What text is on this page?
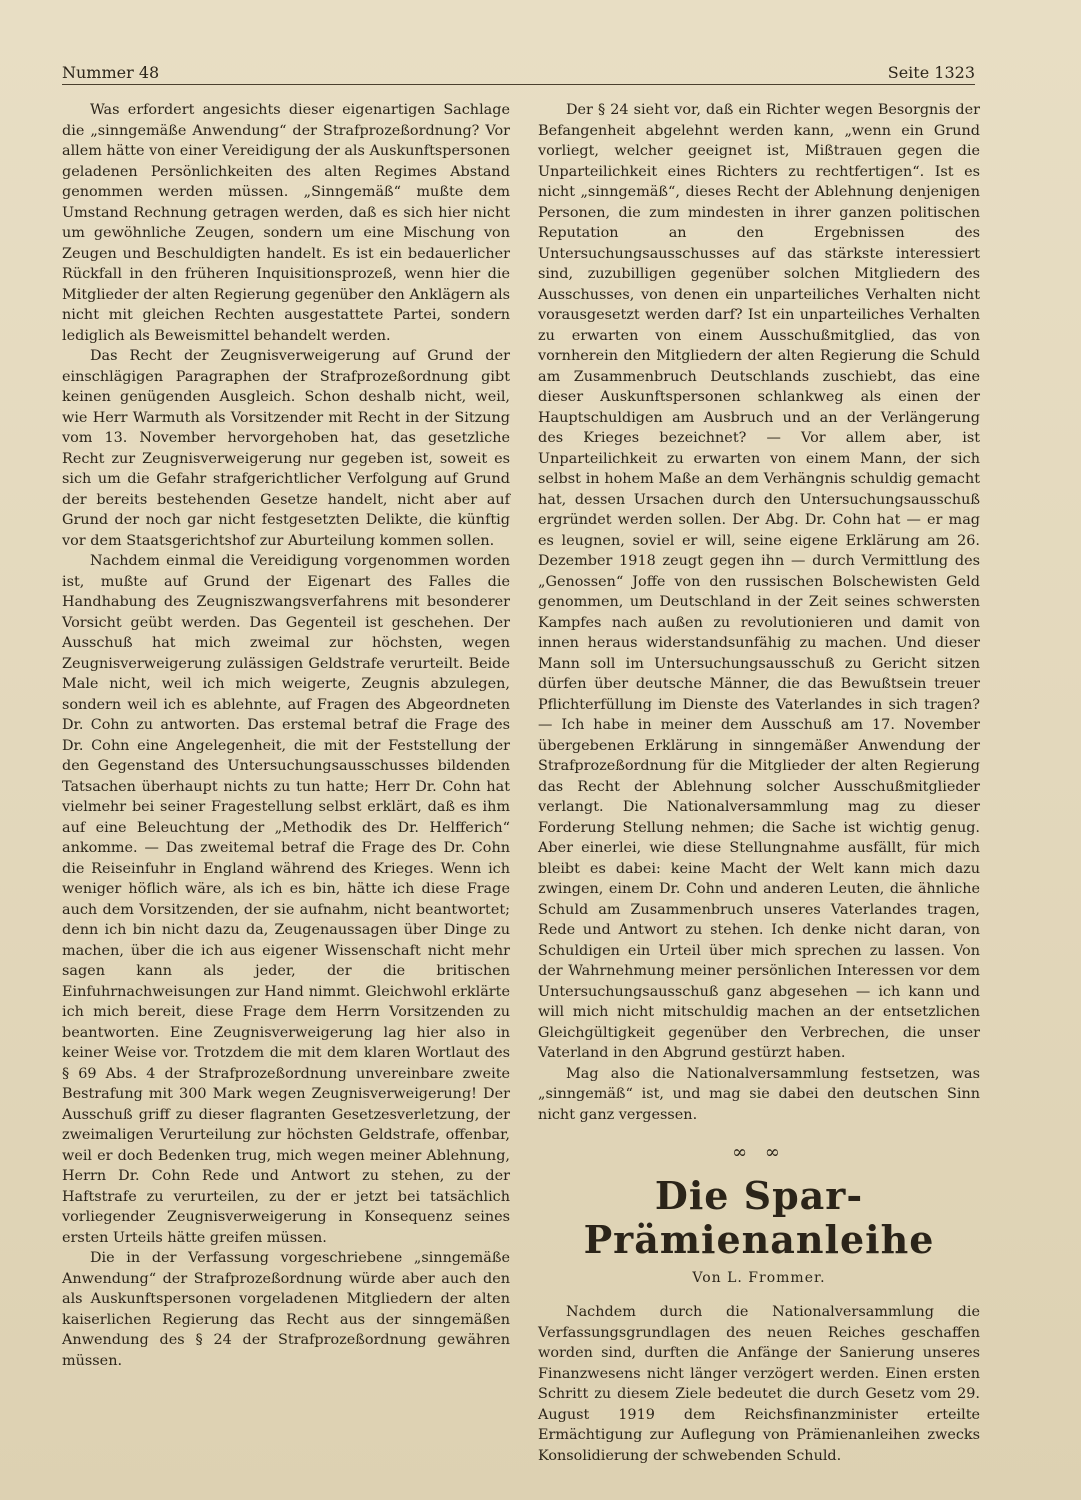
Nummer 48	Seite 1323

Was erfordert angesichts dieser eigenartigen Sachlage die „sinngemäße Anwendung“ der Strafprozeßordnung? Vor allem hätte von einer Vereidigung der als Auskunftspersonen geladenen Persönlichkeiten des alten Regimes Abstand genommen werden müssen. „Sinngemäß“ mußte dem Umstand Rechnung getragen werden, daß es sich hier nicht um gewöhnliche Zeugen, sondern um eine Mischung von Zeugen und Beschuldigten handelt. Es ist ein bedauerlicher Rückfall in den früheren Inquisitionsprozeß, wenn hier die Mitglieder der alten Regierung gegenüber den Anklägern als nicht mit gleichen Rechten ausgestattete Partei, sondern lediglich als Beweismittel behandelt werden.

Das Recht der Zeugnisverweigerung auf Grund der einschlägigen Paragraphen der Strafprozeßordnung gibt keinen genügenden Ausgleich. Schon deshalb nicht, weil, wie Herr Warmuth als Vorsitzender mit Recht in der Sitzung vom 13. November hervorgehoben hat, das gesetzliche Recht zur Zeugnisverweigerung nur gegeben ist, soweit es sich um die Gefahr strafgerichtlicher Verfolgung auf Grund der bereits bestehenden Gesetze handelt, nicht aber auf Grund der noch gar nicht festgesetzten Delikte, die künftig vor dem Staatsgerichtshof zur Aburteilung kommen sollen.

Nachdem einmal die Vereidigung vorgenommen worden ist, mußte auf Grund der Eigenart des Falles die Handhabung des Zeugniszwangsverfahrens mit besonderer Vorsicht geübt werden. Das Gegenteil ist geschehen. Der Ausschuß hat mich zweimal zur höchsten, wegen Zeugnisverweigerung zulässigen Geldstrafe verurteilt. Beide Male nicht, weil ich mich weigerte, Zeugnis abzulegen, sondern weil ich es ablehnte, auf Fragen des Abgeordneten Dr. Cohn zu antworten. Das erstemal betraf die Frage des Dr. Cohn eine Angelegenheit, die mit der Feststellung der den Gegenstand des Untersuchungsausschusses bildenden Tatsachen überhaupt nichts zu tun hatte; Herr Dr. Cohn hat vielmehr bei seiner Fragestellung selbst erklärt, daß es ihm auf eine Beleuchtung der „Methodik des Dr. Helfferich“ ankomme. — Das zweitemal betraf die Frage des Dr. Cohn die Reiseinfuhr in England während des Krieges. Wenn ich weniger höflich wäre, als ich es bin, hätte ich diese Frage auch dem Vorsitzenden, der sie aufnahm, nicht beantwortet; denn ich bin nicht dazu da, Zeugenaussagen über Dinge zu machen, über die ich aus eigener Wissenschaft nicht mehr sagen kann als jeder, der die britischen Einfuhrnachweisungen zur Hand nimmt. Gleichwohl erklärte ich mich bereit, diese Frage dem Herrn Vorsitzenden zu beantworten. Eine Zeugnisverweigerung lag hier also in keiner Weise vor. Trotzdem die mit dem klaren Wortlaut des § 69 Abs. 4 der Strafprozeßordnung unvereinbare zweite Bestrafung mit 300 Mark wegen Zeugnisverweigerung! Der Ausschuß griff zu dieser flagranten Gesetzesverletzung, der zweimaligen Verurteilung zur höchsten Geldstrafe, offenbar, weil er doch Bedenken trug, mich wegen meiner Ablehnung, Herrn Dr. Cohn Rede und Antwort zu stehen, zu der Haftstrafe zu verurteilen, zu der er jetzt bei tatsächlich vorliegender Zeugnisverweigerung in Konsequenz seines ersten Urteils hätte greifen müssen.

Die in der Verfassung vorgeschriebene „sinngemäße Anwendung“ der Strafprozeßordnung würde aber auch den als Auskunftspersonen vorgeladenen Mitgliedern der alten kaiserlichen Regierung das Recht aus der sinngemäßen Anwendung des § 24 der Strafprozeßordnung gewähren müssen.

Der § 24 sieht vor, daß ein Richter wegen Besorgnis der Befangenheit abgelehnt werden kann, „wenn ein Grund vorliegt, welcher geeignet ist, Mißtrauen gegen die Unparteilichkeit eines Richters zu rechtfertigen“. Ist es nicht „sinngemäß“, dieses Recht der Ablehnung denjenigen Personen, die zum mindesten in ihrer ganzen politischen Reputation an den Ergebnissen des Untersuchungsausschusses auf das stärkste interessiert sind, zuzubilligen gegenüber solchen Mitgliedern des Ausschusses, von denen ein unparteiliches Verhalten nicht vorausgesetzt werden darf? Ist ein unparteiliches Verhalten zu erwarten von einem Ausschußmitglied, das von vornherein den Mitgliedern der alten Regierung die Schuld am Zusammenbruch Deutschlands zuschiebt, das eine dieser Auskunftspersonen schlankweg als einen der Hauptschuldigen am Ausbruch und an der Verlängerung des Krieges bezeichnet? — Vor allem aber, ist Unparteilichkeit zu erwarten von einem Mann, der sich selbst in hohem Maße an dem Verhängnis schuldig gemacht hat, dessen Ursachen durch den Untersuchungsausschuß ergründet werden sollen. Der Abg. Dr. Cohn hat — er mag es leugnen, soviel er will, seine eigene Erklärung am 26. Dezember 1918 zeugt gegen ihn — durch Vermittlung des „Genossen“ Joffe von den russischen Bolschewisten Geld genommen, um Deutschland in der Zeit seines schwersten Kampfes nach außen zu revolutionieren und damit von innen heraus widerstandsunfähig zu machen. Und dieser Mann soll im Untersuchungsausschuß zu Gericht sitzen dürfen über deutsche Männer, die das Bewußtsein treuer Pflichterfüllung im Dienste des Vaterlandes in sich tragen? — Ich habe in meiner dem Ausschuß am 17. November übergebenen Erklärung in sinngemäßer Anwendung der Strafprozeßordnung für die Mitglieder der alten Regierung das Recht der Ablehnung solcher Ausschußmitglieder verlangt. Die Nationalversammlung mag zu dieser Forderung Stellung nehmen; die Sache ist wichtig genug. Aber einerlei, wie diese Stellungnahme ausfällt, für mich bleibt es dabei: keine Macht der Welt kann mich dazu zwingen, einem Dr. Cohn und anderen Leuten, die ähnliche Schuld am Zusammenbruch unseres Vaterlandes tragen, Rede und Antwort zu stehen. Ich denke nicht daran, von Schuldigen ein Urteil über mich sprechen zu lassen. Von der Wahrnehmung meiner persönlichen Interessen vor dem Untersuchungsausschuß ganz abgesehen — ich kann und will mich nicht mitschuldig machen an der entsetzlichen Gleichgültigkeit gegenüber den Verbrechen, die unser Vaterland in den Abgrund gestürzt haben.

Mag also die Nationalversammlung festsetzen, was „sinngemäß“ ist, und mag sie dabei den deutschen Sinn nicht ganz vergessen.

∞ ∞
Die Spar-Prämienanleihe
Von L. Frommer.

Nachdem durch die Nationalversammlung die Verfassungsgrundlagen des neuen Reiches geschaffen worden sind, durften die Anfänge der Sanierung unseres Finanzwesens nicht länger verzögert werden. Einen ersten Schritt zu diesem Ziele bedeutet die durch Gesetz vom 29. August 1919 dem Reichsfinanzminister erteilte Ermächtigung zur Auflegung von Prämienanleihen zwecks Konsolidierung der schwebenden Schuld.
